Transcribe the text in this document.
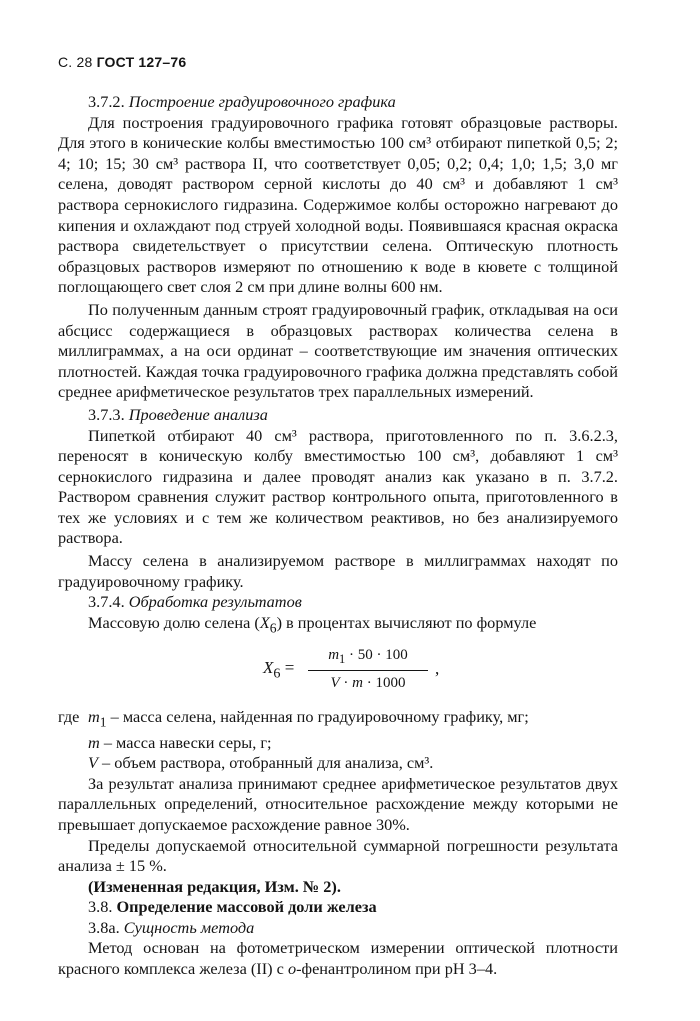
С. 28 ГОСТ 127–76

3.7.2. Построение градуировочного графика

Для построения градуировочного графика готовят образцовые растворы. Для этого в конические колбы вместимостью 100 см³ отбирают пипеткой 0,5; 2; 4; 10; 15; 30 см³ раствора II, что соответствует 0,05; 0,2; 0,4; 1,0; 1,5; 3,0 мг селена, доводят раствором серной кислоты до 40 см³ и добавляют 1 см³ раствора сернокислого гидразина. Содержимое колбы осторожно нагревают до кипения и охлаждают под струей холодной воды. Появившаяся красная окраска раствора свидетельствует о присутствии селена. Оптическую плотность образцовых растворов измеряют по отношению к воде в кювете с толщиной поглощающего свет слоя 2 см при длине волны 600 нм.

По полученным данным строят градуировочный график, откладывая на оси абсцисс содержащиеся в образцовых растворах количества селена в миллиграммах, а на оси ординат – соответствующие им значения оптических плотностей. Каждая точка градуировочного графика должна представлять собой среднее арифметическое результатов трех параллельных измерений.

3.7.3. Проведение анализа

Пипеткой отбирают 40 см³ раствора, приготовленного по п. 3.6.2.3, переносят в коническую колбу вместимостью 100 см³, добавляют 1 см³ сернокислого гидразина и далее проводят анализ как указано в п. 3.7.2. Раствором сравнения служит раствор контрольного опыта, приготовленного в тех же условиях и с тем же количеством реактивов, но без анализируемого раствора.

Массу селена в анализируемом растворе в миллиграммах находят по градуировочному графику.

3.7.4. Обработка результатов

Массовую долю селена $(X_6)$ в процентах вычисляют по формуле

$X_6$ =
$m_1 \cdot 50 \cdot 100$
V · m · 1000
,

где $m_1$ – масса селена, найденная по градуировочному графику, мг;

m – масса навески серы, г;

V – объем раствора, отобранный для анализа, см³.

За результат анализа принимают среднее арифметическое результатов двух параллельных определений, относительное расхождение между которыми не превышает допускаемое расхождение равное 30%.

Пределы допускаемой относительной суммарной погрешности результата анализа ± 15 %.

(Измененная редакция, Изм. № 2).

3.8. Определение массовой доли железа

3.8а. Сущность метода

Метод основан на фотометрическом измерении оптической плотности красного комплекса железа (II) с о-фенантролином при рН 3–4.
